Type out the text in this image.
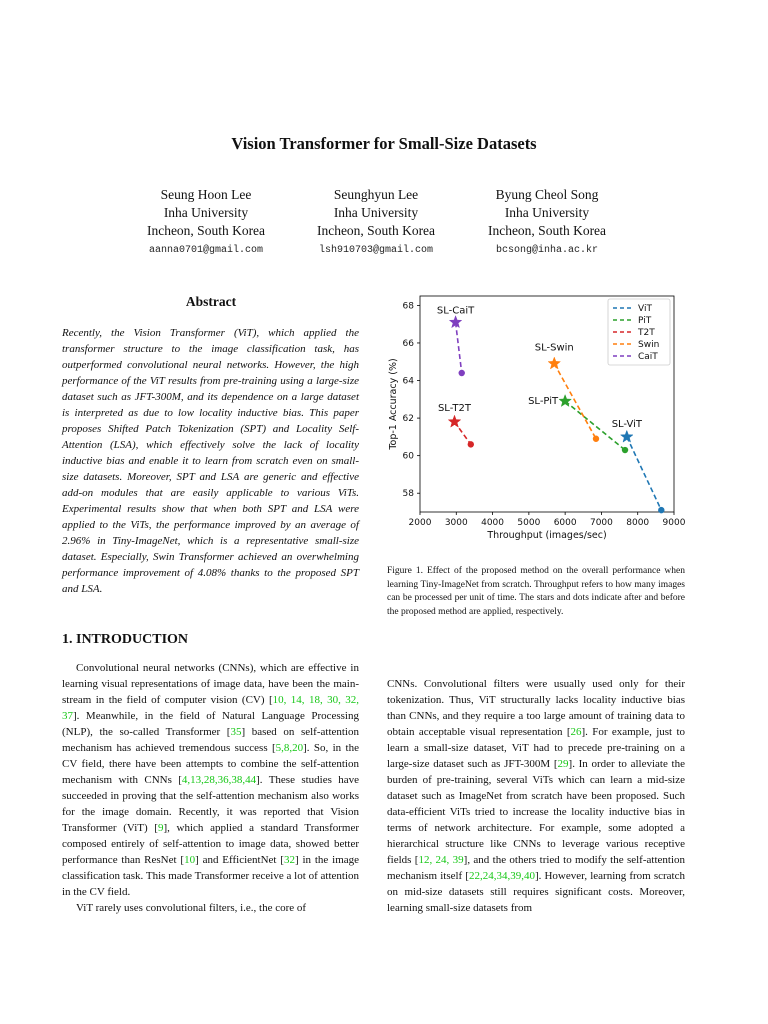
Vision Transformer for Small-Size Datasets
Seung Hoon Lee
Inha University
Incheon, South Korea
aanna0701@gmail.com
Seunghyun Lee
Inha University
Incheon, South Korea
lsh910703@gmail.com
Byung Cheol Song
Inha University
Incheon, South Korea
bcsong@inha.ac.kr
Abstract
Recently, the Vision Transformer (ViT), which applied the transformer structure to the image classification task, has outperformed convolutional neural networks. However, the high performance of the ViT results from pre-training using a large-size dataset such as JFT-300M, and its dependence on a large dataset is interpreted as due to low locality inductive bias. This paper proposes Shifted Patch Tokenization (SPT) and Locality Self-Attention (LSA), which effectively solve the lack of locality inductive bias and enable it to learn from scratch even on small-size datasets. Moreover, SPT and LSA are generic and effective add-on modules that are easily applicable to various ViTs. Experimental results show that when both SPT and LSA were applied to the ViTs, the performance improved by an average of 2.96% in Tiny-ImageNet, which is a representative small-size dataset. Especially, Swin Transformer achieved an overwhelming performance improvement of 4.08% thanks to the proposed SPT and LSA.
1. INTRODUCTION

Convolutional neural networks (CNNs), which are effective in learning visual representations of image data, have been the main-stream in the field of computer vision (CV) [10, 14, 18, 30, 32, 37]. Meanwhile, in the field of Natural Language Processing (NLP), the so-called Transformer [35] based on self-attention mechanism has achieved tremendous success [5,8,20]. So, in the CV field, there have been attempts to combine the self-attention mechanism with CNNs [4,13,28,36,38,44]. These studies have succeeded in proving that the self-attention mechanism also works for the image domain. Recently, it was reported that Vision Transformer (ViT) [9], which applied a standard Transformer composed entirely of self-attention to image data, showed better performance than ResNet [10] and EfficientNet [32] in the image classification task. This made Transformer receive a lot of attention in the CV field.

ViT rarely uses convolutional filters, i.e., the core of

CNNs. Convolutional filters were usually used only for their tokenization. Thus, ViT structurally lacks locality inductive bias than CNNs, and they require a too large amount of training data to obtain acceptable visual representation [26]. For example, just to learn a small-size dataset, ViT had to precede pre-training on a large-size dataset such as JFT-300M [29]. In order to alleviate the burden of pre-training, several ViTs which can learn a mid-size dataset such as ImageNet from scratch have been proposed. Such data-efficient ViTs tried to increase the locality inductive bias in terms of network architecture. For example, some adopted a hierarchical structure like CNNs to leverage various receptive fields [12, 24, 39], and the others tried to modify the self-attention mechanism itself [22,24,34,39,40]. However, learning from scratch on mid-size datasets still requires significant costs. Moreover, learning small-size datasets from

2000 3000 4000 5000 6000 7000 8000 9000
58
60
62
64
66
68
Throughput (images/sec)
Top-1 Accuracy (%)	SL-ViT
SL-PiT
SL-T2T
SL-Swin
SL-CaiT	ViT
PiT
T2T
Swin
CaiT
Figure 1. Effect of the proposed method on the overall performance when learning Tiny-ImageNet from scratch. Throughput refers to how many images can be processed per unit of time. The stars and dots indicate after and before the proposed method are applied, respectively.
